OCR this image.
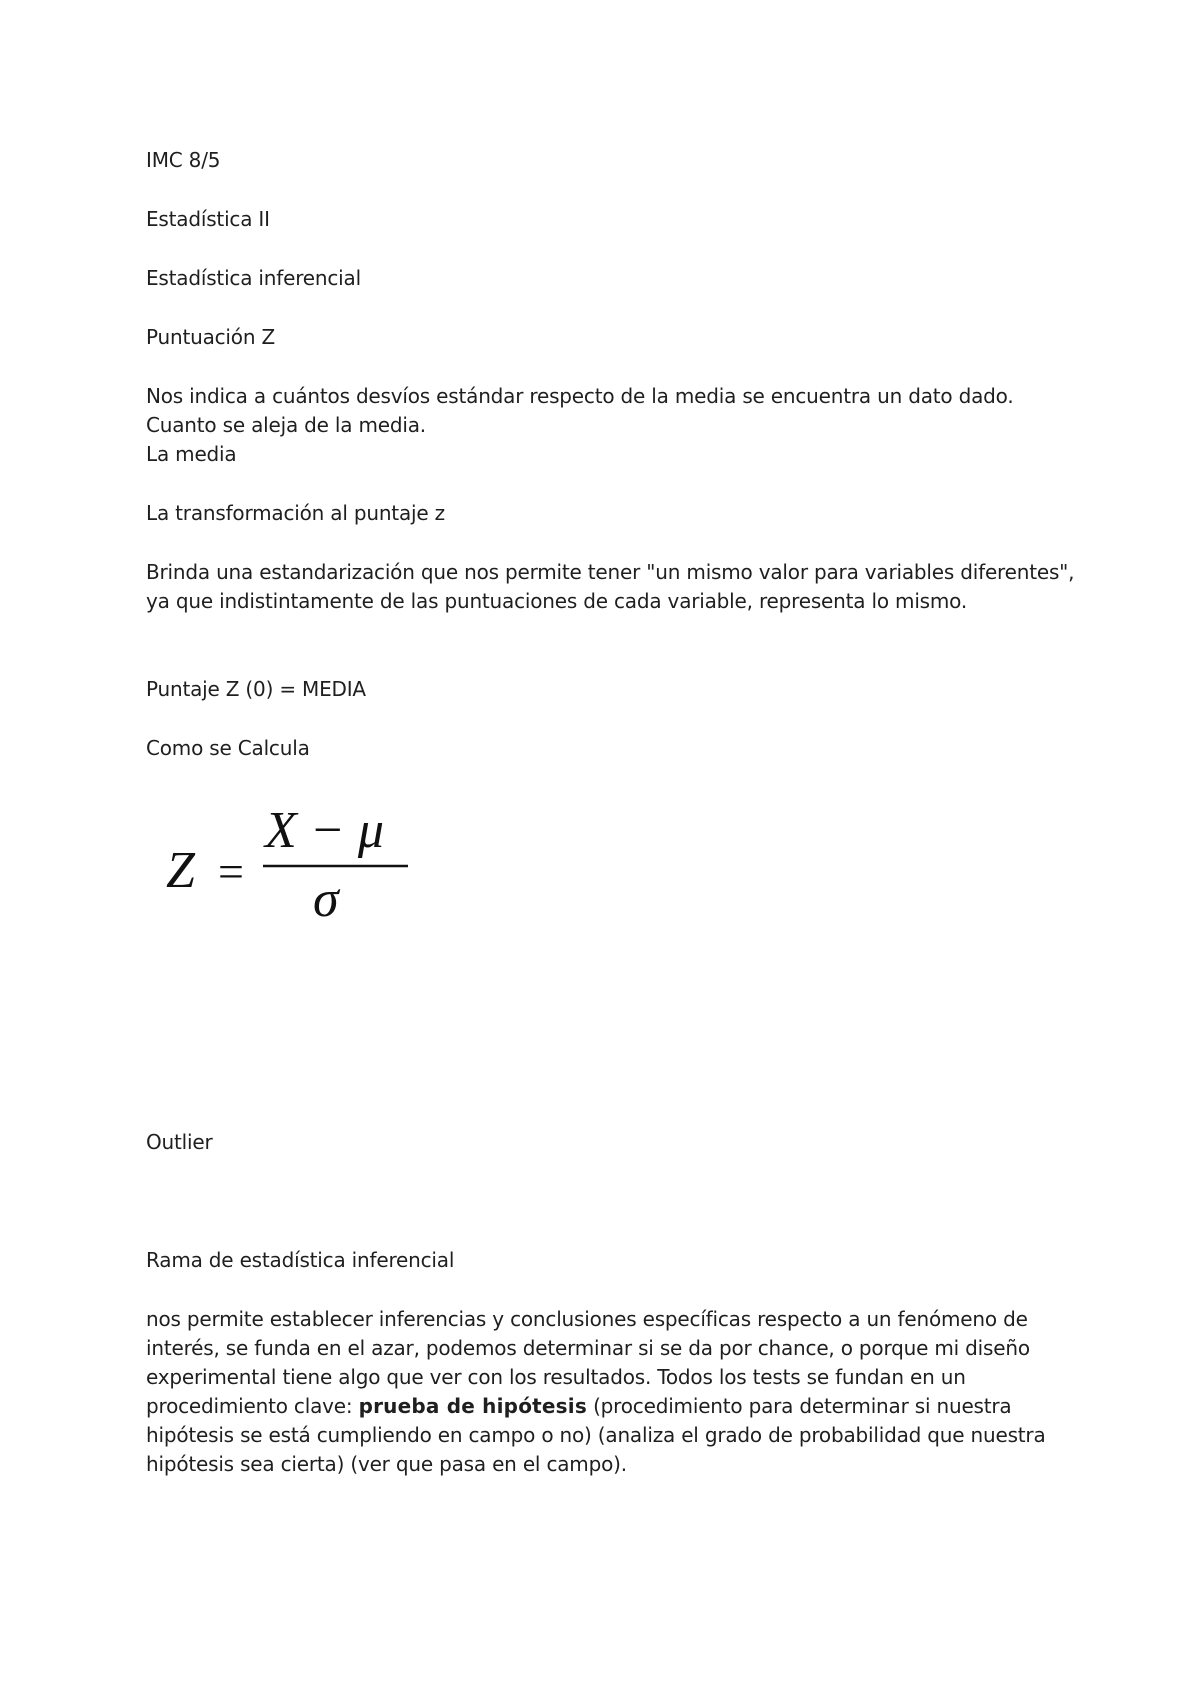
IMC 8/5

Estadística II

Estadística inferencial

Puntuación Z

Nos indica a cuántos desvíos estándar respecto de la media se encuentra un dato dado.

Cuanto se aleja de la media.

La media

La transformación al puntaje z

Brinda una estandarización que nos permite tener "un mismo valor para variables diferentes", ya que indistintamente de las puntuaciones de cada variable, representa lo mismo.

Puntaje Z (0) = MEDIA

Como se Calcula

Z =
X − μ
σ

Outlier

Rama de estadística inferencial

nos permite establecer inferencias y conclusiones específicas respecto a un fenómeno de interés, se funda en el azar, podemos determinar si se da por chance, o porque mi diseño experimental tiene algo que ver con los resultados. Todos los tests se fundan en un procedimiento clave: prueba de hipótesis (procedimiento para determinar si nuestra hipótesis se está cumpliendo en campo o no) (analiza el grado de probabilidad que nuestra hipótesis sea cierta) (ver que pasa en el campo).
